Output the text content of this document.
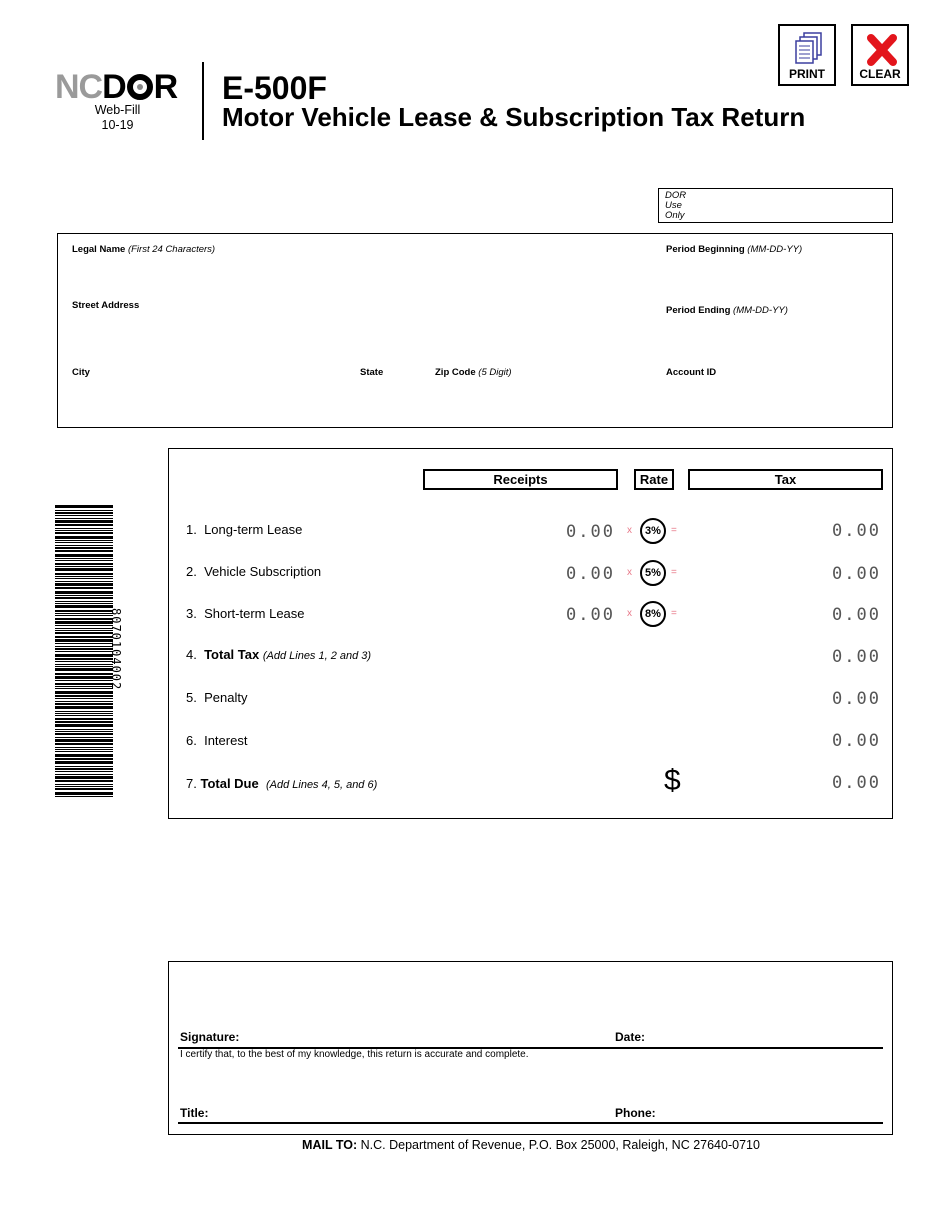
NCD R
Web-Fill
10-19
E-500F
Motor Vehicle Lease & Subscription Tax Return
PRINT	CLEAR
DOR
Use
Only
Legal Name (First 24 Characters)
Street Address
City	State	Zip Code (5 Digit)
Period Beginning (MM-DD-YY)
Period Ending (MM-DD-YY)
Account ID
8070104002
Receipts	Rate	Tax
1. Long-term Lease	0.00 x	3%	=	0.00
2. Vehicle Subscription	0.00 x	5%	=	0.00
3. Short-term Lease	0.00 x	8%	=	0.00
4. Total Tax (Add Lines 1, 2 and 3)	0.00
5. Penalty	0.00
6. Interest	0.00
7. Total Due (Add Lines 4, 5, and 6)	$	0.00
Signature:	Date:
I certify that, to the best of my knowledge, this return is accurate and complete.
Title:	Phone:
MAIL TO: N.C. Department of Revenue, P.O. Box 25000, Raleigh, NC 27640-0710
